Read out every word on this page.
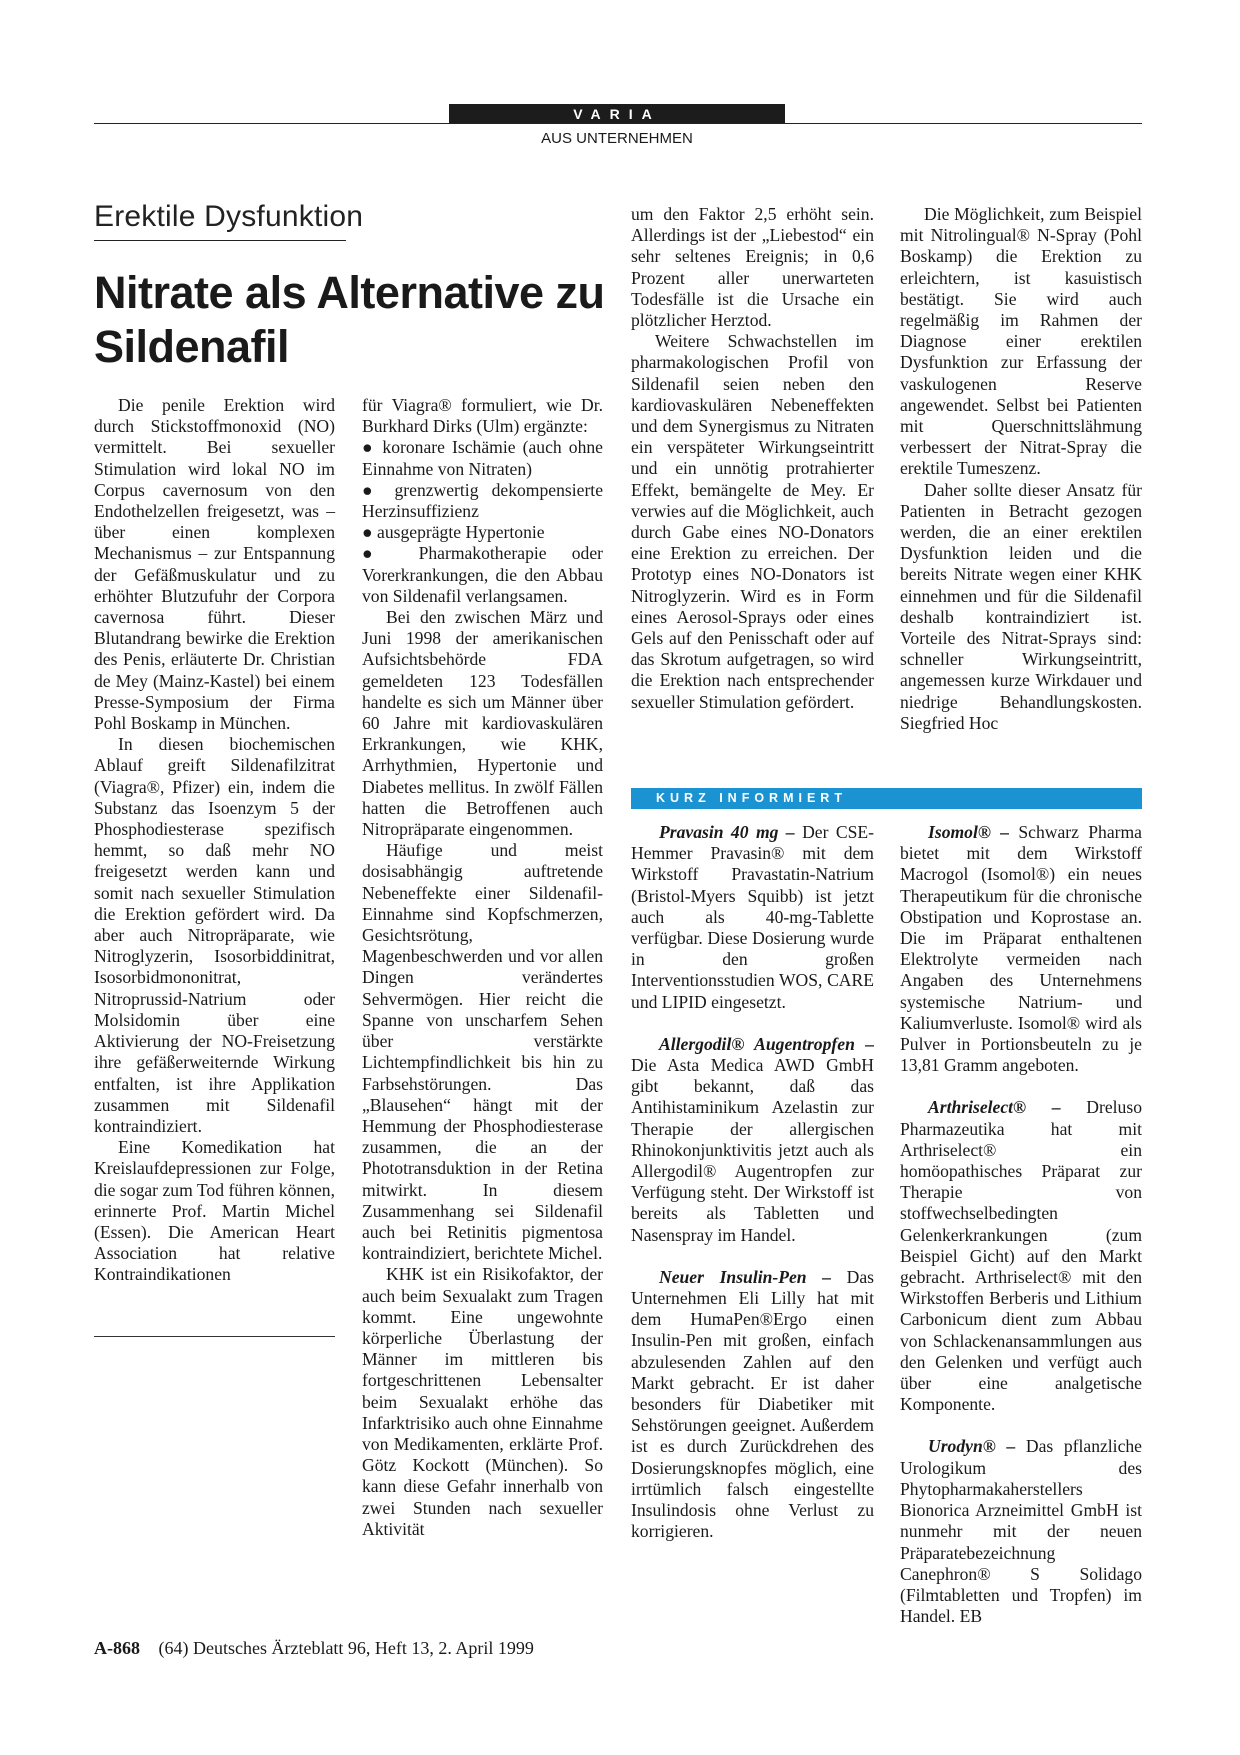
VARIA
AUS UNTERNEHMEN
Erektile Dysfunktion
Nitrate als Alternative zu Sildenafil

Die penile Erektion wird durch Stickstoffmonoxid (NO) vermittelt. Bei sexueller Stimulation wird lokal NO im Corpus cavernosum von den Endothelzellen freigesetzt, was – über einen komplexen Mechanismus – zur Entspannung der Gefäßmuskulatur und zu erhöhter Blutzufuhr der Corpora cavernosa führt. Dieser Blutandrang bewirke die Erektion des Penis, erläuterte Dr. Christian de Mey (Mainz-Kastel) bei einem Presse-Symposium der Firma Pohl Boskamp in München.

In diesen biochemischen Ablauf greift Sildenafilzitrat (Viagra®, Pfizer) ein, indem die Substanz das Isoenzym 5 der Phosphodiesterase spezifisch hemmt, so daß mehr NO freigesetzt werden kann und somit nach sexueller Stimulation die Erektion gefördert wird. Da aber auch Nitropräparate, wie Nitroglyzerin, Isosorbiddinitrat, Isosorbidmononitrat, Nitroprussid-Natrium oder Molsidomin über eine Aktivierung der NO-Freisetzung ihre gefäßerweiternde Wirkung entfalten, ist ihre Applikation zusammen mit Sildenafil kontraindiziert.

Eine Komedikation hat Kreislaufdepressionen zur Folge, die sogar zum Tod führen können, erinnerte Prof. Martin Michel (Essen). Die American Heart Association hat relative Kontraindikationen

für Viagra® formuliert, wie Dr. Burkhard Dirks (Ulm) ergänzte:

● koronare Ischämie (auch ohne Einnahme von Nitraten)

● grenzwertig dekompensierte Herzinsuffizienz

● ausgeprägte Hypertonie

● Pharmakotherapie oder Vorerkrankungen, die den Abbau von Sildenafil verlangsamen.

Bei den zwischen März und Juni 1998 der amerikanischen Aufsichtsbehörde FDA gemeldeten 123 Todesfällen handelte es sich um Männer über 60 Jahre mit kardiovaskulären Erkrankungen, wie KHK, Arrhythmien, Hypertonie und Diabetes mellitus. In zwölf Fällen hatten die Betroffenen auch Nitropräparate eingenommen.

Häufige und meist dosisabhängig auftretende Nebeneffekte einer Sildenafil-Einnahme sind Kopfschmerzen, Gesichtsrötung, Magenbeschwerden und vor allen Dingen verändertes Sehvermögen. Hier reicht die Spanne von unscharfem Sehen über verstärkte Lichtempfindlichkeit bis hin zu Farbsehstörungen. Das „Blausehen“ hängt mit der Hemmung der Phosphodiesterase zusammen, die an der Phototransduktion in der Retina mitwirkt. In diesem Zusammenhang sei Sildenafil auch bei Retinitis pigmentosa kontraindiziert, berichtete Michel.

KHK ist ein Risikofaktor, der auch beim Sexualakt zum Tragen kommt. Eine ungewohnte körperliche Überlastung der Männer im mittleren bis fortgeschrittenen Lebensalter beim Sexualakt erhöhe das Infarktrisiko auch ohne Einnahme von Medikamenten, erklärte Prof. Götz Kockott (München). So kann diese Gefahr innerhalb von zwei Stunden nach sexueller Aktivität

um den Faktor 2,5 erhöht sein. Allerdings ist der „Liebestod“ ein sehr seltenes Ereignis; in 0,6 Prozent aller unerwarteten Todesfälle ist die Ursache ein plötzlicher Herztod.

Weitere Schwachstellen im pharmakologischen Profil von Sildenafil seien neben den kardiovaskulären Nebeneffekten und dem Synergismus zu Nitraten ein verspäteter Wirkungseintritt und ein unnötig protrahierter Effekt, bemängelte de Mey. Er verwies auf die Möglichkeit, auch durch Gabe eines NO-Donators eine Erektion zu erreichen. Der Prototyp eines NO-Donators ist Nitroglyzerin. Wird es in Form eines Aerosol-Sprays oder eines Gels auf den Penisschaft oder auf das Skrotum aufgetragen, so wird die Erektion nach entsprechender sexueller Stimulation gefördert.

Die Möglichkeit, zum Beispiel mit Nitrolingual® N-Spray (Pohl Boskamp) die Erektion zu erleichtern, ist kasuistisch bestätigt. Sie wird auch regelmäßig im Rahmen der Diagnose einer erektilen Dysfunktion zur Erfassung der vaskulogenen Reserve angewendet. Selbst bei Patienten mit Querschnittslähmung verbessert der Nitrat-Spray die erektile Tumeszenz.

Daher sollte dieser Ansatz für Patienten in Betracht gezogen werden, die an einer erektilen Dysfunktion leiden und die bereits Nitrate wegen einer KHK einnehmen und für die Sildenafil deshalb kontraindiziert ist. Vorteile des Nitrat-Sprays sind: schneller Wirkungseintritt, angemessen kurze Wirkdauer und niedrige Behandlungskosten. Siegfried Hoc

KURZ INFORMIERT

Pravasin 40 mg – Der CSE-Hemmer Pravasin® mit dem Wirkstoff Pravastatin-Natrium (Bristol-Myers Squibb) ist jetzt auch als 40-mg-Tablette verfügbar. Diese Dosierung wurde in den großen Interventionsstudien WOS, CARE und LIPID eingesetzt.

Allergodil® Augentropfen – Die Asta Medica AWD GmbH gibt bekannt, daß das Antihistaminikum Azelastin zur Therapie der allergischen Rhinokonjunktivitis jetzt auch als Allergodil® Augentropfen zur Verfügung steht. Der Wirkstoff ist bereits als Tabletten und Nasenspray im Handel.

Neuer Insulin-Pen – Das Unternehmen Eli Lilly hat mit dem HumaPen®Ergo einen Insulin-Pen mit großen, einfach abzulesenden Zahlen auf den Markt gebracht. Er ist daher besonders für Diabetiker mit Sehstörungen geeignet. Außerdem ist es durch Zurückdrehen des Dosierungsknopfes möglich, eine irrtümlich falsch eingestellte Insulindosis ohne Verlust zu korrigieren.

Isomol® – Schwarz Pharma bietet mit dem Wirkstoff Macrogol (Isomol®) ein neues Therapeutikum für die chronische Obstipation und Koprostase an. Die im Präparat enthaltenen Elektrolyte vermeiden nach Angaben des Unternehmens systemische Natrium- und Kaliumverluste. Isomol® wird als Pulver in Portionsbeuteln zu je 13,81 Gramm angeboten.

Arthriselect® – Dreluso Pharmazeutika hat mit Arthriselect® ein homöopathisches Präparat zur Therapie von stoffwechselbedingten Gelenkerkrankungen (zum Beispiel Gicht) auf den Markt gebracht. Arthriselect® mit den Wirkstoffen Berberis und Lithium Carbonicum dient zum Abbau von Schlackenansammlungen aus den Gelenken und verfügt auch über eine analgetische Komponente.

Urodyn® – Das pflanzliche Urologikum des Phytopharmakaherstellers Bionorica Arzneimittel GmbH ist nunmehr mit der neuen Präparatebezeichnung Canephron® S Solidago (Filmtabletten und Tropfen) im Handel. EB

A-868 (64) Deutsches Ärzteblatt 96, Heft 13, 2. April 1999
